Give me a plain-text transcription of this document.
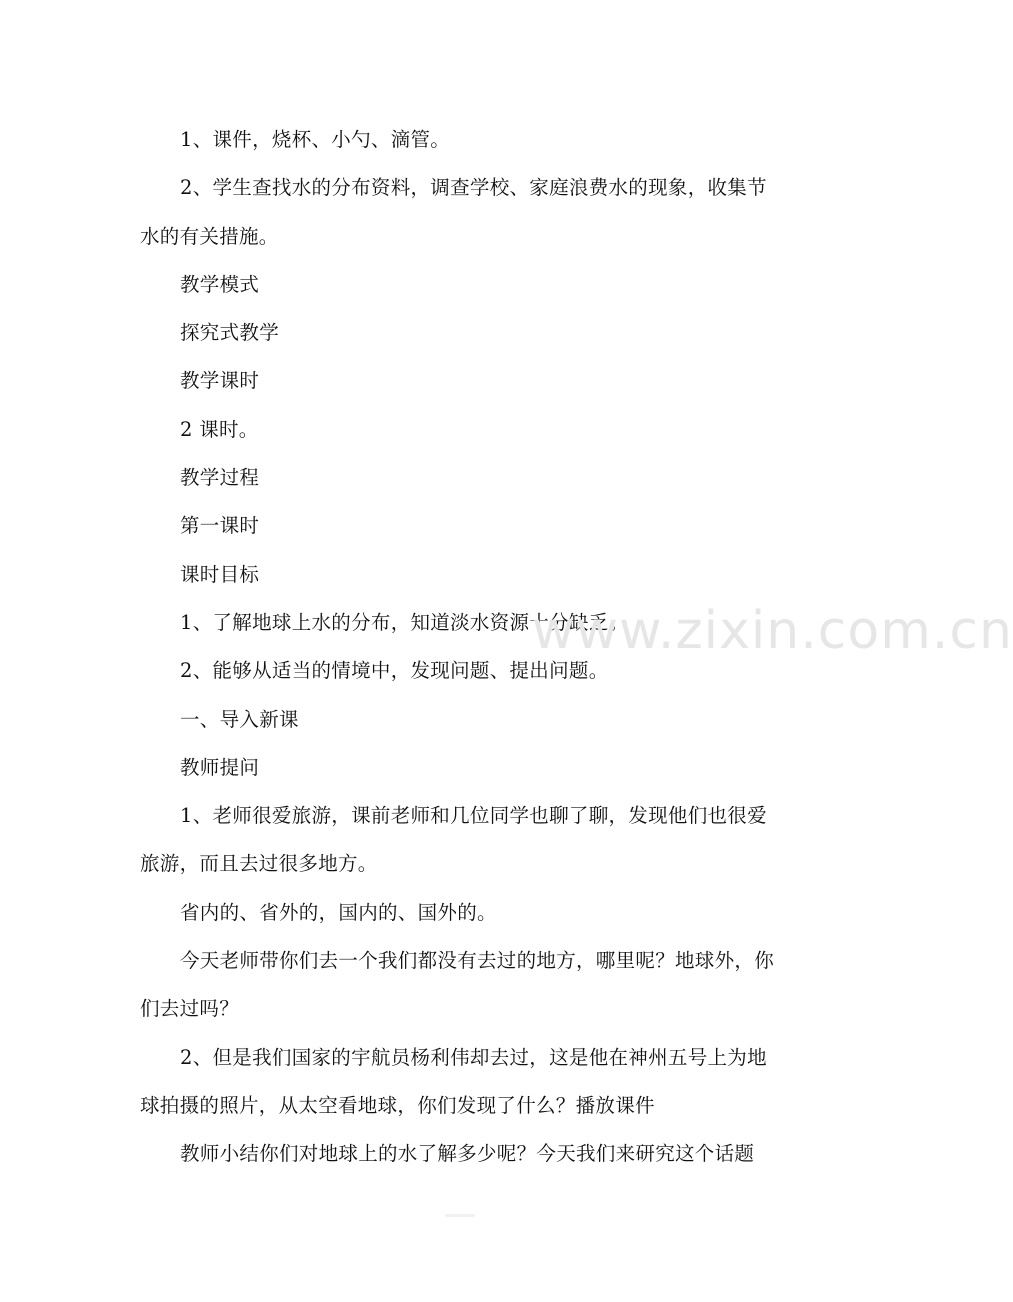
1、课件，烧杯、小勺、滴管。

2、学生查找水的分布资料，调查学校、家庭浪费水的现象，收集节水的有关措施。

教学模式

探究式教学

教学课时

2 课时。

教学过程

第一课时

课时目标

1、了解地球上水的分布，知道淡水资源十分缺乏。

2、能够从适当的情境中，发现问题、提出问题。

一、导入新课

教师提问

1、老师很爱旅游，课前老师和几位同学也聊了聊，发现他们也很爱旅游，而且去过很多地方。

省内的、省外的，国内的、国外的。

今天老师带你们去一个我们都没有去过的地方，哪里呢？地球外，你们去过吗？

2、但是我们国家的宇航员杨利伟却去过，这是他在神州五号上为地球拍摄的照片，从太空看地球，你们发现了什么？播放课件

教师小结你们对地球上的水了解多少呢？今天我们来研究这个话题

www.zixin.com.cn
